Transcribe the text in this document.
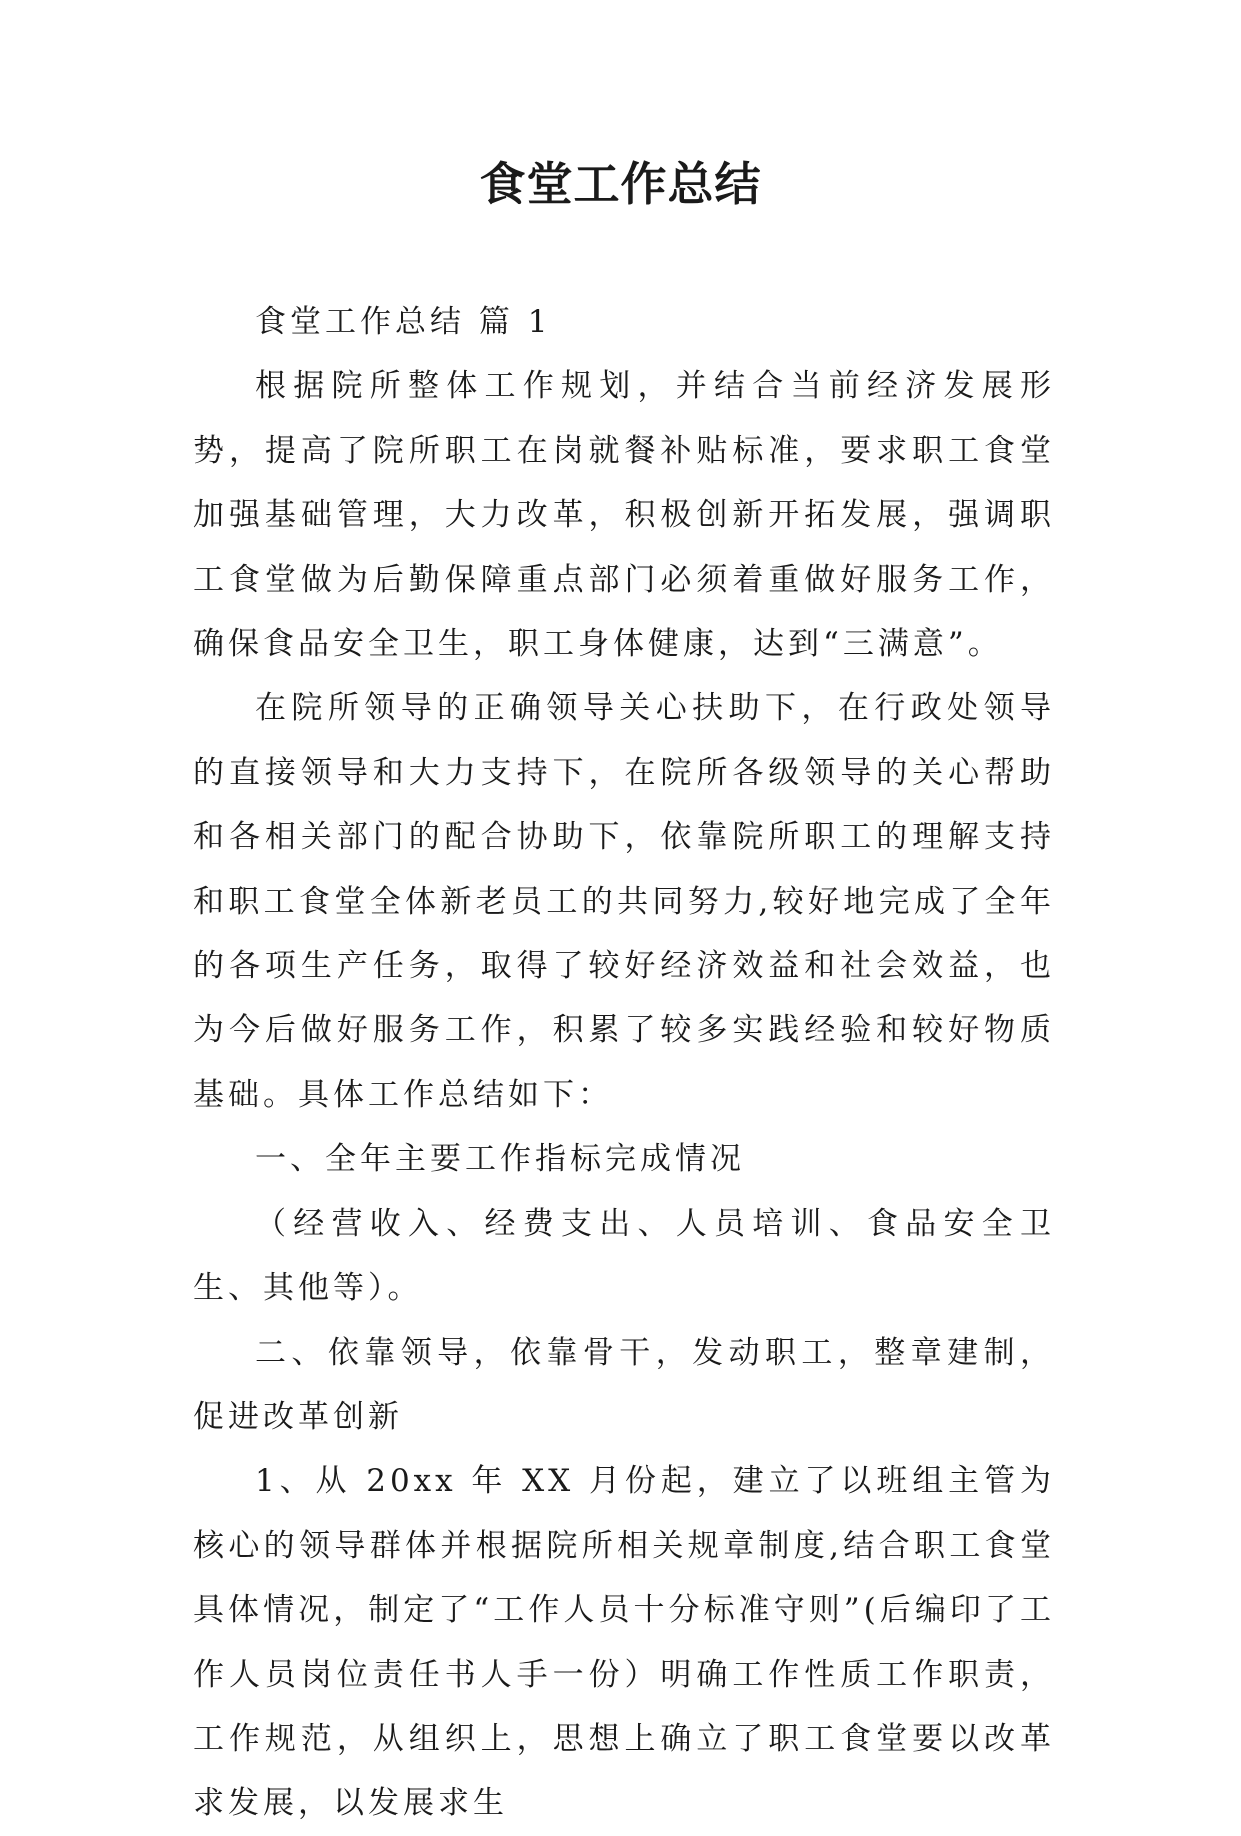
食堂工作总结

食堂工作总结 篇 1

根据院所整体工作规划，并结合当前经济发展形势，提高了院所职工在岗就餐补贴标准，要求职工食堂加强基础管理，大力改革，积极创新开拓发展，强调职工食堂做为后勤保障重点部门必须着重做好服务工作，确保食品安全卫生，职工身体健康，达到“三满意”。

在院所领导的正确领导关心扶助下，在行政处领导的直接领导和大力支持下，在院所各级领导的关心帮助和各相关部门的配合协助下，依靠院所职工的理解支持和职工食堂全体新老员工的共同努力,较好地完成了全年的各项生产任务，取得了较好经济效益和社会效益，也为今后做好服务工作，积累了较多实践经验和较好物质基础。具体工作总结如下：

一、全年主要工作指标完成情况

（经营收入、经费支出、人员培训、食品安全卫生、其他等）。

二、依靠领导，依靠骨干，发动职工，整章建制，促进改革创新

1、从 20xx 年 XX 月份起，建立了以班组主管为核心的领导群体并根据院所相关规章制度,结合职工食堂具体情况，制定了“工作人员十分标准守则”(后编印了工作人员岗位责任书人手一份）明确工作性质工作职责，工作规范，从组织上，思想上确立了职工食堂要以改革求发展，以发展求生
